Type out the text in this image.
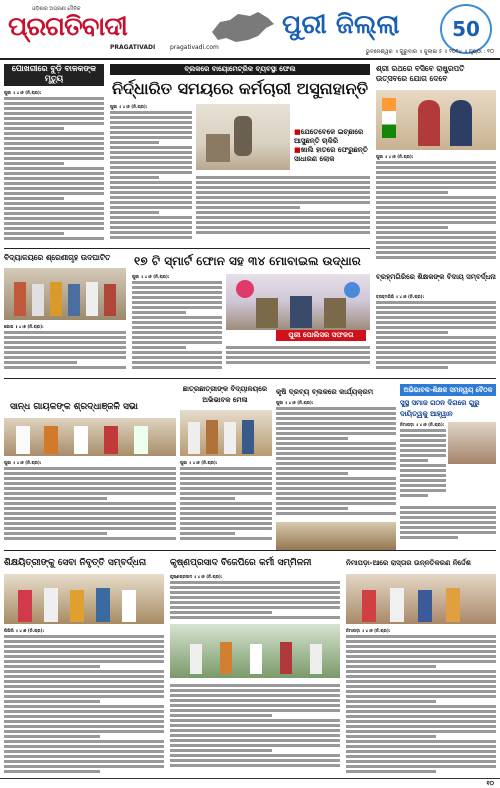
ଓଡ଼ିଶାର ଅଗ୍ରଣୀ ଦୈନିକ
ପ୍ରଗତିବାଦୀ
PRAGATIVADI pragativadi.com
ପୁରୀ ଜିଲ୍ଲା	50
ଭୁବନେଶ୍ୱର ॥ ଗୁରୁବାର ॥ ଜୁଲାଇ ୫ ॥ ୨୦୨୪ ॥ ପୃଷ୍ଠା : ୧୦
ପୋଖରୀରେ ବୁଡ଼ି ବାଳକଙ୍କ ମୃତ୍ୟୁ
ପୁରୀ ॥ ୪।୭ (ନି.ପ୍ର):
ବ୍ଲକରେ ବାୟୋମେଟ୍ରିକ ବ୍ୟବସ୍ଥା ଫେଲ
ନିର୍ଦ୍ଧାରିତ ସମୟରେ କର୍ମଚାରୀ ଅସୁନାହାନ୍ତି
ପୁରୀ ॥ ୪।୭ (ନି.ପ୍ର):
■ ଯେତେବେଳେ ଇଚ୍ଛାରେ ଆସୁଛନ୍ତି ଚାକିରି
■ ଖାଲି ହାତରେ ଫେରୁଛନ୍ତି ସାଧାରଣ ଲୋକ
ଶ୍ରୀ ରଥରେ ବସିବେ ରାଷ୍ଟ୍ରପତି ଉତ୍ସବରେ ଯୋଗ ଦେବେ
ପୁରୀ ॥ ୪।୭ (ନି.ପ୍ର):
ବିଦ୍ୟାଳୟରେ ଶ୍ରେଣୀଗୃହ ଉଦଘାଟିତ
ଗୋପ ॥ ୪।୭ (ନି.ପ୍ର):
୧୭ ଟି ସ୍ମାର୍ଟ ଫୋନ ସହ ୩୪ ମୋବାଇଲ ଉଦ୍ଧାର
ପୁରୀ ॥ ୪।୭ (ନି.ପ୍ର):
ପୁରୀ ପୋଲିସର ସଫଳତା
ବ୍ରହ୍ମଗିରିରେ ଶିକ୍ଷକଙ୍କ ବିଦାୟ ସମ୍ବର୍ଦ୍ଧନା
ବ୍ରହ୍ମଗିରି ॥ ୪।୭ (ନି.ପ୍ର):
ସାନ୍ଧ ଗାୟକଙ୍କ ଶ୍ରଦ୍ଧାଞ୍ଜଳି ସଭା
ପୁରୀ ॥ ୪।୭ (ନି.ପ୍ର):
ଛାତ୍ରଛାତ୍ରୀଙ୍କ ବିଦ୍ୟାଳୟରେ ଅଭିଭାବକ ମେଳା
ପୁରୀ ॥ ୪।୭ (ନି.ପ୍ର):
କୃଷି ଦ୍ରବ୍ୟ ବ୍ଲକରେ କାର୍ଯ୍ୟକ୍ରମ
ପୁରୀ ॥ ୪।୭ (ନି.ପ୍ର):
ଅଭିଭାବକ-ଶିକ୍ଷକ ସମନ୍ୱୟ ବୈଠକ
ସୁସ୍ଥ ସମାଜ ଗଠନ ଦିଗରେ ଗୁରୁ ଦାୟିତ୍ୱକୁ ଆହ୍ୱାନ
ନିମାପଡ଼ା ॥ ୪।୭ (ନି.ପ୍ର):
ଶିକ୍ଷୟିତ୍ରୀଙ୍କୁ ସେବା ନିବୃତ୍ତି ସମ୍ବର୍ଦ୍ଧନା
ପିପିଲି ॥ ୪।୭ (ନି.ପ୍ର):
କୃଷ୍ଣପ୍ରସାଦ ବିଜେପିରେ କର୍ମୀ ସମ୍ମିଳନୀ
କୃଷ୍ଣପ୍ରସାଦ ॥ ୪।୭ (ନି.ପ୍ର):
ନିମାପଡ଼ା-ଆରେ ରାସ୍ତାର ଉନ୍ନତିକରଣ ନିର୍ଦ୍ଦେଶ
ନିମାପଡ଼ା ॥ ୪।୭ (ନି.ପ୍ର):
୧୦
